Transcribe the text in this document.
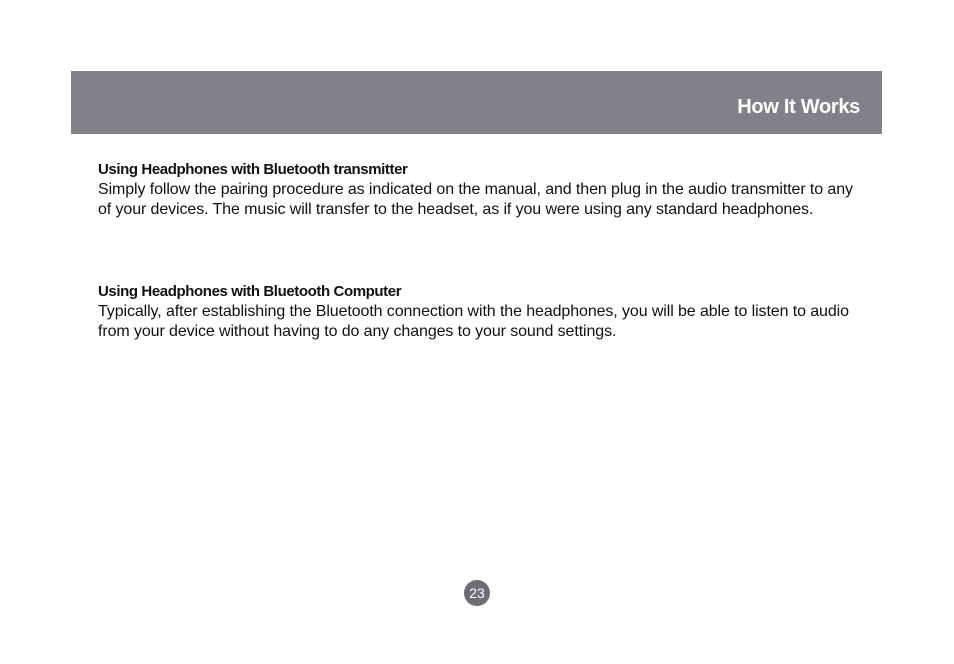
How It Works

Using Headphones with Bluetooth transmitter

Simply follow the pairing procedure as indicated on the manual, and then plug in the audio transmitter to any of your devices. The music will transfer to the headset, as if you were using any standard headphones.

Using Headphones with Bluetooth Computer

Typically, after establishing the Bluetooth connection with the headphones, you will be able to listen to audio from your device without having to do any changes to your sound settings.

23
